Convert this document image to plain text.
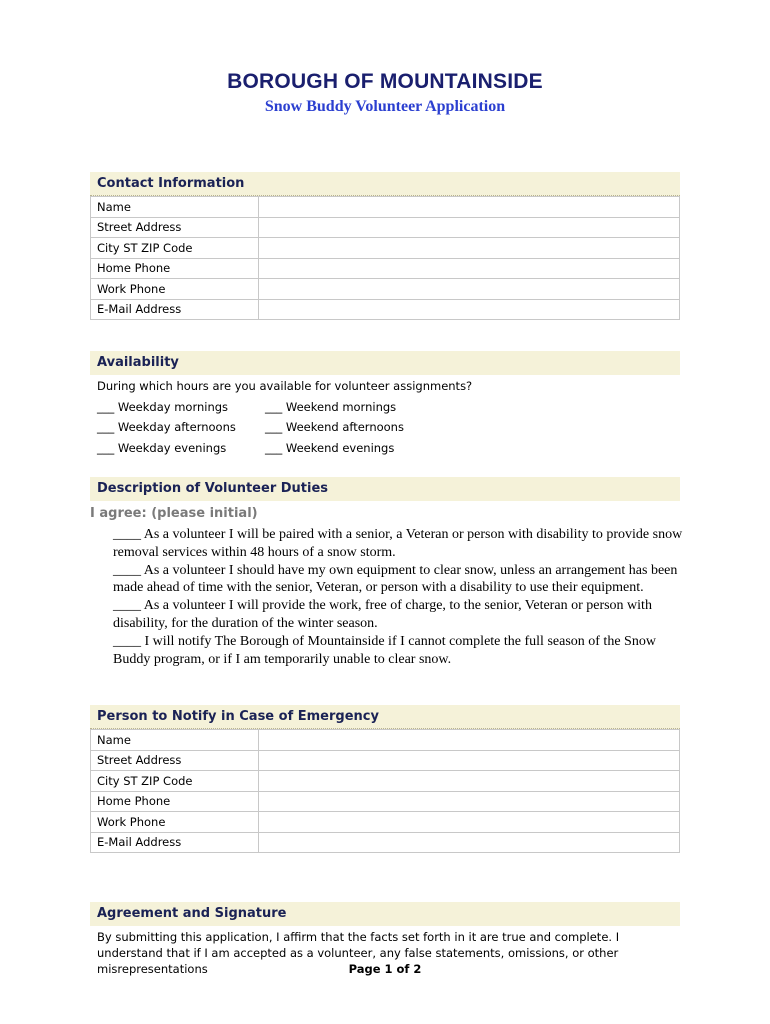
BOROUGH OF MOUNTAINSIDE
Snow Buddy Volunteer Application
Contact Information
Name	
Street Address	
City ST ZIP Code	
Home Phone	
Work Phone	
E-Mail Address	
Availability
During which hours are you available for volunteer assignments?
___ Weekday mornings
___ Weekday afternoons
___ Weekday evenings
___ Weekend mornings
___ Weekend afternoons
___ Weekend evenings
Description of Volunteer Duties
I agree: (please initial)

____ As a volunteer I will be paired with a senior, a Veteran or person with disability to provide snow removal services within 48 hours of a snow storm.

____ As a volunteer I should have my own equipment to clear snow, unless an arrangement has been made ahead of time with the senior, Veteran, or person with a disability to use their equipment.

____ As a volunteer I will provide the work, free of charge, to the senior, Veteran or person with disability, for the duration of the winter season.

____ I will notify The Borough of Mountainside if I cannot complete the full season of the Snow Buddy program, or if I am temporarily unable to clear snow.

Person to Notify in Case of Emergency
Name	
Street Address	
City ST ZIP Code	
Home Phone	
Work Phone	
E-Mail Address	
Agreement and Signature
By submitting this application, I affirm that the facts set forth in it are true and complete. I understand that if I am accepted as a volunteer, any false statements, omissions, or other misrepresentations	Page 1 of 2
